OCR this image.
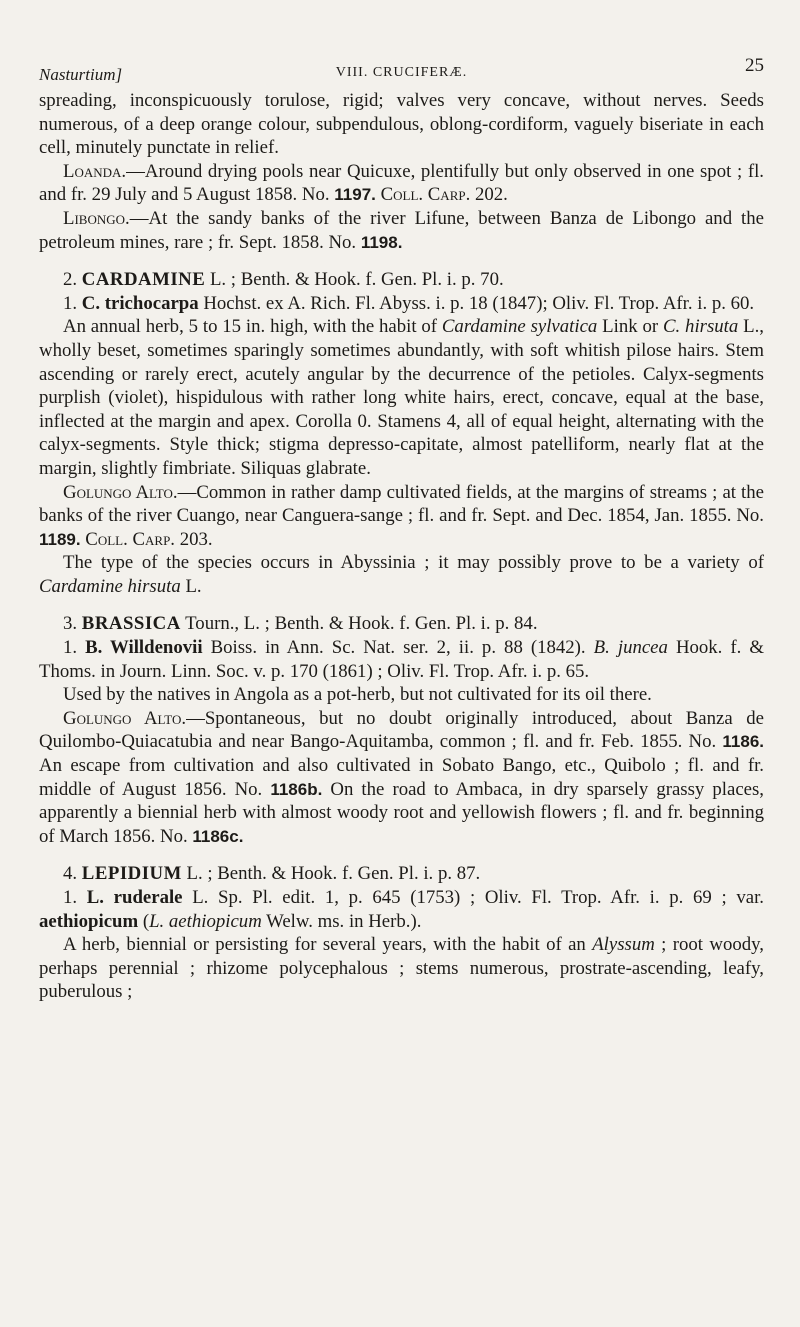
Nasturtium]	VIII. CRUCIFERÆ.	25

spreading, inconspicuously torulose, rigid; valves very concave, without nerves. Seeds numerous, of a deep orange colour, subpendulous, oblong-cordiform, vaguely biseriate in each cell, minutely punctate in relief.

Loanda.—Around drying pools near Quicuxe, plentifully but only observed in one spot ; fl. and fr. 29 July and 5 August 1858. No. 1197. Coll. Carp. 202.

Libongo.—At the sandy banks of the river Lifune, between Banza de Libongo and the petroleum mines, rare ; fr. Sept. 1858. No. 1198.

2. CARDAMINE L. ; Benth. & Hook. f. Gen. Pl. i. p. 70.

1. C. trichocarpa Hochst. ex A. Rich. Fl. Abyss. i. p. 18 (1847); Oliv. Fl. Trop. Afr. i. p. 60.

An annual herb, 5 to 15 in. high, with the habit of Cardamine sylvatica Link or C. hirsuta L., wholly beset, sometimes sparingly sometimes abundantly, with soft whitish pilose hairs. Stem ascending or rarely erect, acutely angular by the decurrence of the petioles. Calyx-segments purplish (violet), hispidulous with rather long white hairs, erect, concave, equal at the base, inflected at the margin and apex. Corolla 0. Stamens 4, all of equal height, alternating with the calyx-segments. Style thick; stigma depresso-capitate, almost patelliform, nearly flat at the margin, slightly fimbriate. Siliquas glabrate.

Golungo Alto.—Common in rather damp cultivated fields, at the margins of streams ; at the banks of the river Cuango, near Canguera-sange ; fl. and fr. Sept. and Dec. 1854, Jan. 1855. No. 1189. Coll. Carp. 203.

The type of the species occurs in Abyssinia ; it may possibly prove to be a variety of Cardamine hirsuta L.

3. BRASSICA Tourn., L. ; Benth. & Hook. f. Gen. Pl. i. p. 84.

1. B. Willdenovii Boiss. in Ann. Sc. Nat. ser. 2, ii. p. 88 (1842). B. juncea Hook. f. & Thoms. in Journ. Linn. Soc. v. p. 170 (1861) ; Oliv. Fl. Trop. Afr. i. p. 65.

Used by the natives in Angola as a pot-herb, but not cultivated for its oil there.

Golungo Alto.—Spontaneous, but no doubt originally introduced, about Banza de Quilombo-Quiacatubia and near Bango-Aquitamba, common ; fl. and fr. Feb. 1855. No. 1186. An escape from cultivation and also cultivated in Sobato Bango, etc., Quibolo ; fl. and fr. middle of August 1856. No. 1186b. On the road to Ambaca, in dry sparsely grassy places, apparently a biennial herb with almost woody root and yellowish flowers ; fl. and fr. beginning of March 1856. No. 1186c.

4. LEPIDIUM L. ; Benth. & Hook. f. Gen. Pl. i. p. 87.

1. L. ruderale L. Sp. Pl. edit. 1, p. 645 (1753) ; Oliv. Fl. Trop. Afr. i. p. 69 ; var. aethiopicum (L. aethiopicum Welw. ms. in Herb.).

A herb, biennial or persisting for several years, with the habit of an Alyssum ; root woody, perhaps perennial ; rhizome polycephalous ; stems numerous, prostrate-ascending, leafy, puberulous ;
